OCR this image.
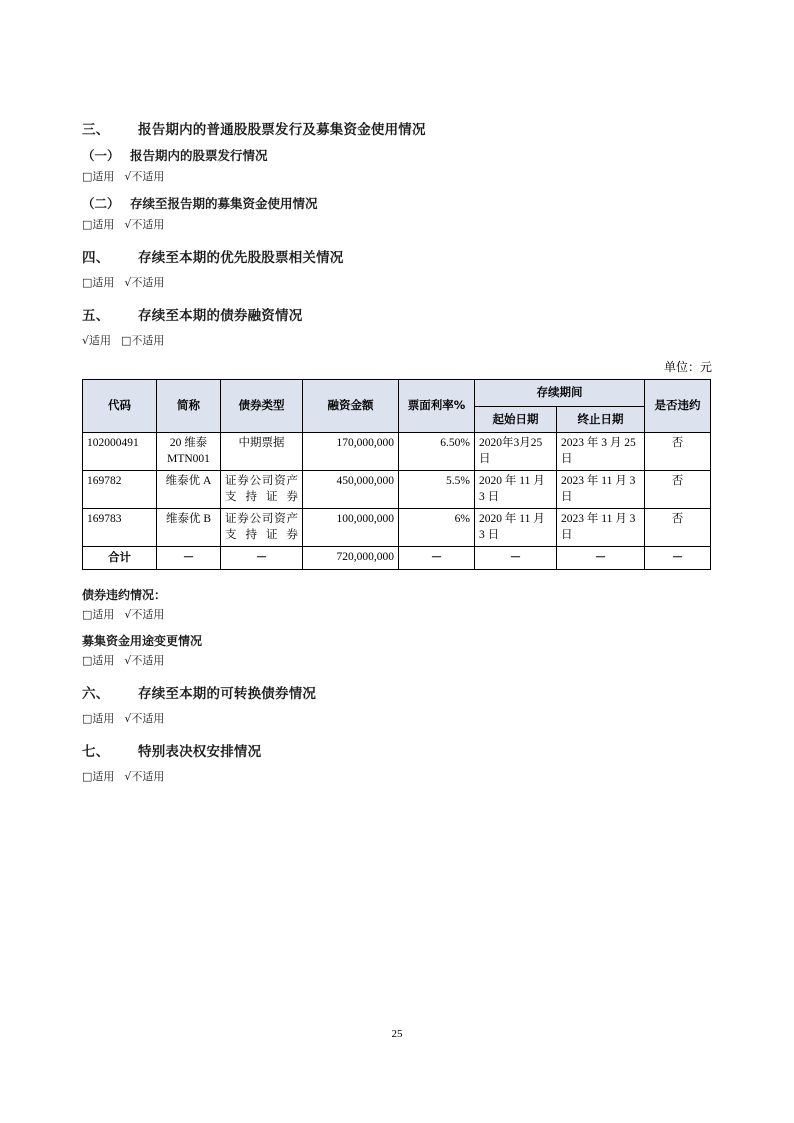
三、 报告期内的普通股股票发行及募集资金使用情况
（一） 报告期内的股票发行情况
□适用 √不适用
（二） 存续至报告期的募集资金使用情况
□适用 √不适用
四、 存续至本期的优先股股票相关情况
□适用 √不适用
五、 存续至本期的债券融资情况
√适用 □不适用
单位：元
代码	简称	债券类型	融资金额	票面利率%	存续期间		是否违约
					起始日期	终止日期	
102000491	20 维泰 MTN001	中期票据	170,000,000	6.50%	2020年3月25日	2023 年 3 月 25 日	否
169782	维泰优 A	证券公司资产支持证券	450,000,000	5.5%	2020 年 11 月 3 日	2023 年 11 月 3 日	否
169783	维泰优 B	证券公司资产支持证券	100,000,000	6%	2020 年 11 月 3 日	2023 年 11 月 3 日	否
合计	－	－	720,000,000	－	－	－	－
债券违约情况：
□适用 √不适用
募集资金用途变更情况
□适用 √不适用
六、 存续至本期的可转换债券情况
□适用 √不适用
七、 特别表决权安排情况
□适用 √不适用
25
